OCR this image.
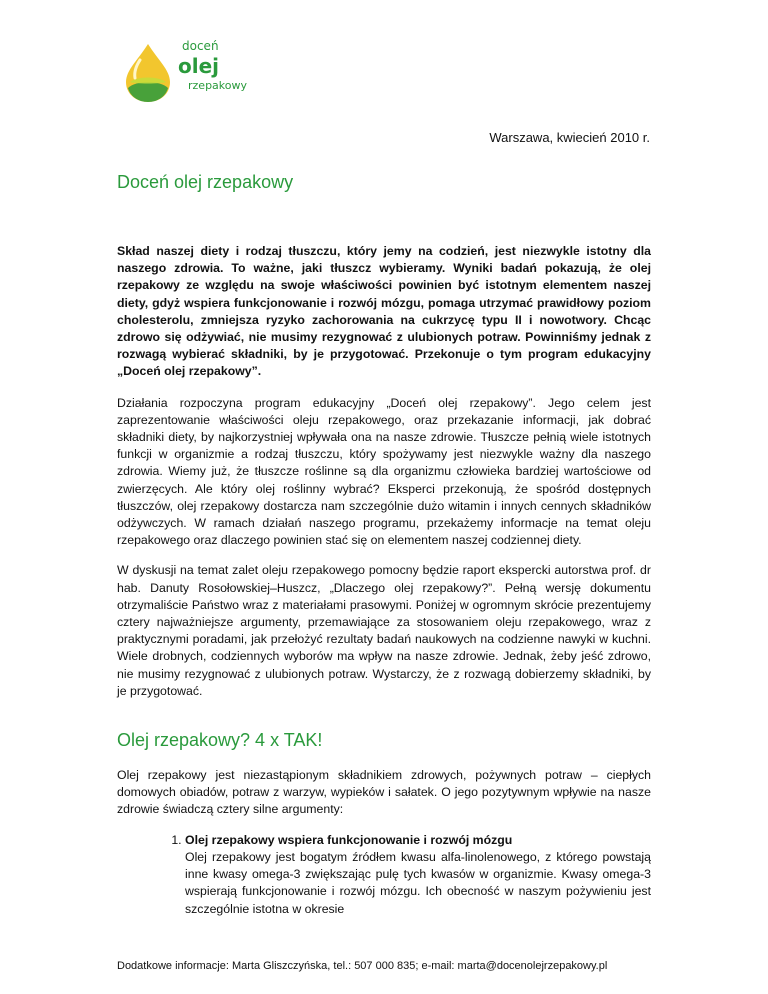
doceń
olej
rzepakowy
Warszawa, kwiecień 2010 r.
Doceń olej rzepakowy

Skład naszej diety i rodzaj tłuszczu, który jemy na codzień, jest niezwykle istotny dla naszego zdrowia. To ważne, jaki tłuszcz wybieramy. Wyniki badań pokazują, że olej rzepakowy ze względu na swoje właściwości powinien być istotnym elementem naszej diety, gdyż wspiera funkcjonowanie i rozwój mózgu, pomaga utrzymać prawidłowy poziom cholesterolu, zmniejsza ryzyko zachorowania na cukrzycę typu II i nowotwory. Chcąc zdrowo się odżywiać, nie musimy rezygnować z ulubionych potraw. Powinniśmy jednak z rozwagą wybierać składniki, by je przygotować. Przekonuje o tym program edukacyjny „Doceń olej rzepakowy”.

Działania rozpoczyna program edukacyjny „Doceń olej rzepakowy”. Jego celem jest zaprezentowanie właściwości oleju rzepakowego, oraz przekazanie informacji, jak dobrać składniki diety, by najkorzystniej wpływała ona na nasze zdrowie. Tłuszcze pełnią wiele istotnych funkcji w organizmie a rodzaj tłuszczu, który spożywamy jest niezwykle ważny dla naszego zdrowia. Wiemy już, że tłuszcze roślinne są dla organizmu człowieka bardziej wartościowe od zwierzęcych. Ale który olej roślinny wybrać? Eksperci przekonują, że spośród dostępnych tłuszczów, olej rzepakowy dostarcza nam szczególnie dużo witamin i innych cennych składników odżywczych. W ramach działań naszego programu, przekażemy informacje na temat oleju rzepakowego oraz dlaczego powinien stać się on elementem naszej codziennej diety.

W dyskusji na temat zalet oleju rzepakowego pomocny będzie raport ekspercki autorstwa prof. dr hab. Danuty Rosołowskiej–Huszcz, „Dlaczego olej rzepakowy?”. Pełną wersję dokumentu otrzymaliście Państwo wraz z materiałami prasowymi. Poniżej w ogromnym skrócie prezentujemy cztery najważniejsze argumenty, przemawiające za stosowaniem oleju rzepakowego, wraz z praktycznymi poradami, jak przełożyć rezultaty badań naukowych na codzienne nawyki w kuchni. Wiele drobnych, codziennych wyborów ma wpływ na nasze zdrowie. Jednak, żeby jeść zdrowo, nie musimy rezygnować z ulubionych potraw. Wystarczy, że z rozwagą dobierzemy składniki, by je przygotować.

Olej rzepakowy? 4 x TAK!

Olej rzepakowy jest niezastąpionym składnikiem zdrowych, pożywnych potraw – ciepłych domowych obiadów, potraw z warzyw, wypieków i sałatek. O jego pozytywnym wpływie na nasze zdrowie świadczą cztery silne argumenty:

1. Olej rzepakowy wspiera funkcjonowanie i rozwój mózgu
Olej rzepakowy jest bogatym źródłem kwasu alfa-linolenowego, z którego powstają inne kwasy omega-3 zwiększając pulę tych kwasów w organizmie. Kwasy omega-3 wspierają funkcjonowanie i rozwój mózgu. Ich obecność w naszym pożywieniu jest szczególnie istotna w okresie
Dodatkowe informacje: Marta Gliszczyńska, tel.: 507 000 835; e-mail: marta@docenolejrzepakowy.pl
